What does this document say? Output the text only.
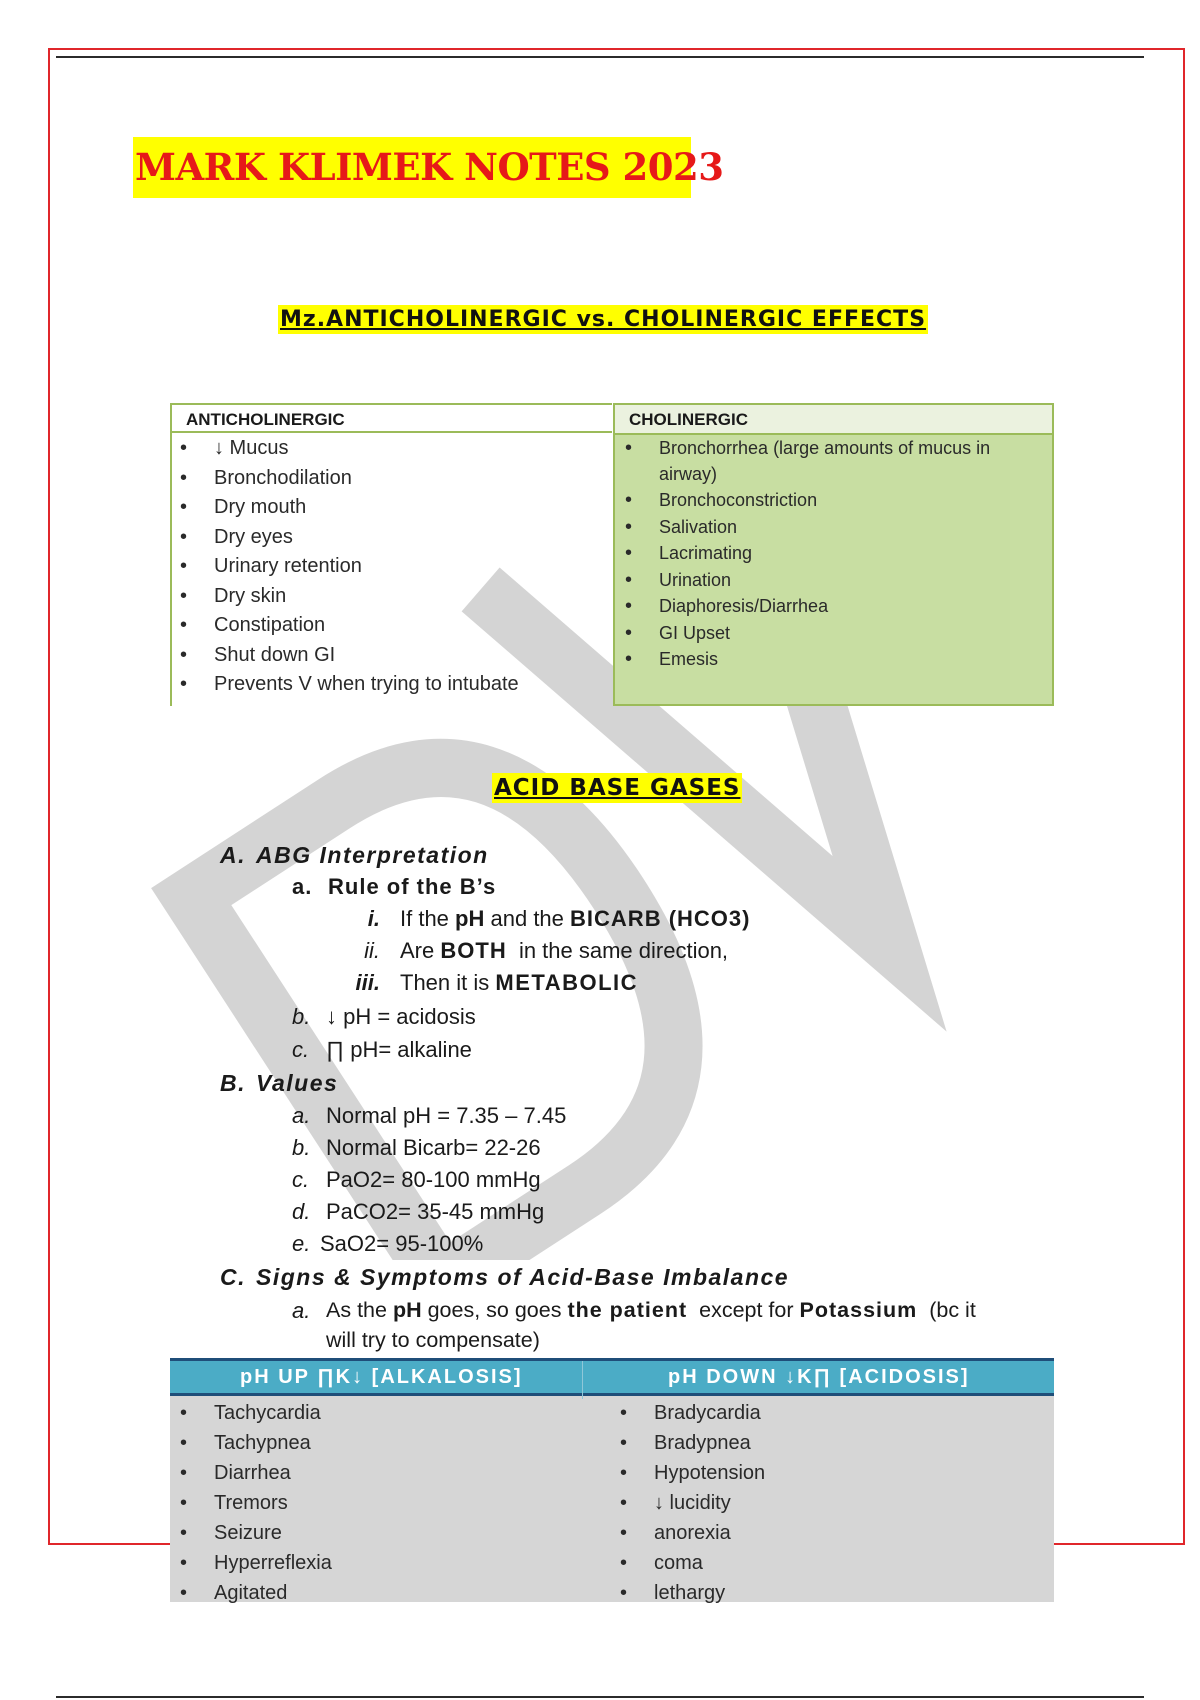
MARK KLIMEK NOTES 2023
Mz.ANTICHOLINERGIC vs. CHOLINERGIC EFFECTS
ANTICHOLINERGIC
• ↓ Mucus
• Bronchodilation
• Dry mouth
• Dry eyes
• Urinary retention
• Dry skin
• Constipation
• Shut down GI
• Prevents V when trying to intubate
CHOLINERGIC
• Bronchorrhea (large amounts of mucus in airway)
• Bronchoconstriction
• Salivation
• Lacrimating
• Urination
• Diaphoresis/Diarrhea
• GI Upset
• Emesis
ACID BASE GASES
A. ABG Interpretation
a. Rule of the B’s
i. If the pH and the BICARB (HCO3)
ii. Are BOTH in the same direction,
iii. Then it is METABOLIC
b. ↓ pH = acidosis
c. ∏ pH= alkaline
B. Values
a. Normal pH = 7.35 – 7.45
b. Normal Bicarb= 22-26
c. PaO2= 80-100 mmHg
d. PaCO2= 35-45 mmHg
e. SaO2= 95-100%
C. Signs & Symptoms of Acid-Base Imbalance
a. As the pH goes, so goes the patient except for Potassium (bc it
will try to compensate)
pH UP ∏K↓ [ALKALOSIS]	pH DOWN ↓K∏ [ACIDOSIS]
• Tachycardia
• Tachypnea
• Diarrhea
• Tremors
• Seizure
• Hyperreflexia
• Agitated
• Bradycardia
• Bradypnea
• Hypotension
• ↓ lucidity
• anorexia
• coma
• lethargy
